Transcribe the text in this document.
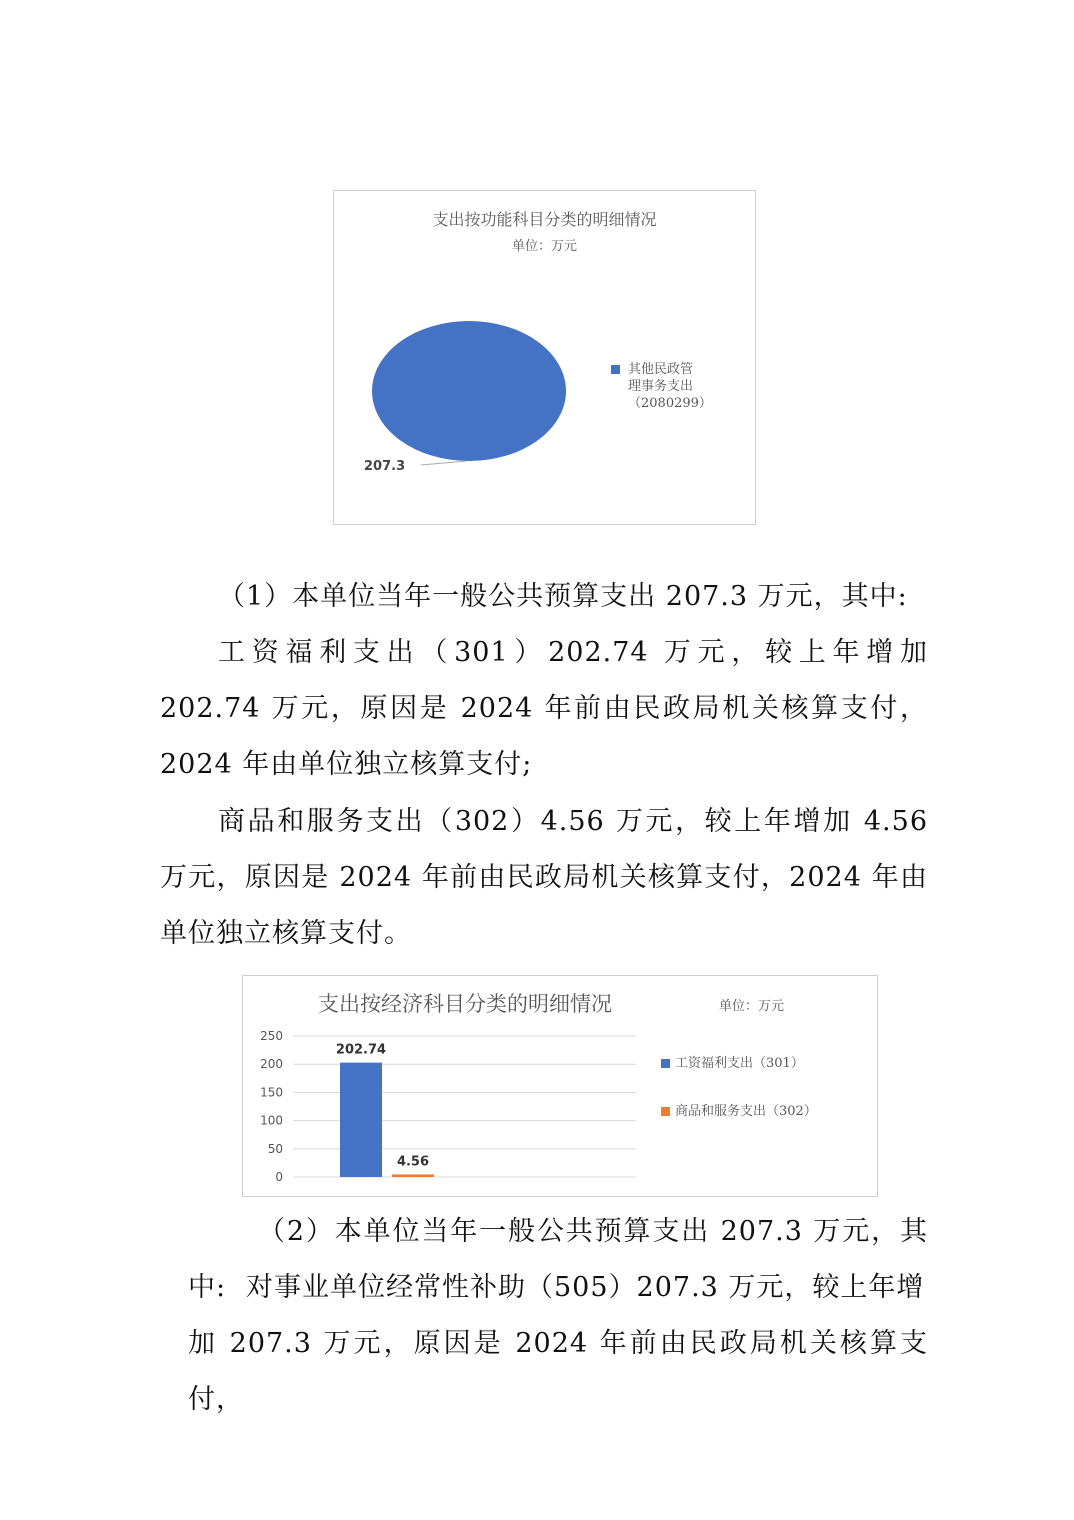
支出按功能科目分类的明细情况
单位：万元
207.3
其他民政管
理事务支出
（2080299）

（1）本单位当年一般公共预算支出 207.3 万元，其中:

工资福利支出（301）202.74 万元，较上年增加 202.74 万元，原因是 2024 年前由民政局机关核算支付，2024 年由单位独立核算支付;

商品和服务支出（302）4.56 万元，较上年增加 4.56 万元，原因是 2024 年前由民政局机关核算支付，2024 年由单位独立核算支付。

支出按经济科目分类的明细情况	单位：万元
0
50
100
150
200
250
202.74
4.56
工资福利支出（301）
商品和服务支出（302）

（2）本单位当年一般公共预算支出 207.3 万元，其中: 对事业单位经常性补助（505）207.3 万元，较上年增

加 207.3 万元，原因是 2024 年前由民政局机关核算支付，
